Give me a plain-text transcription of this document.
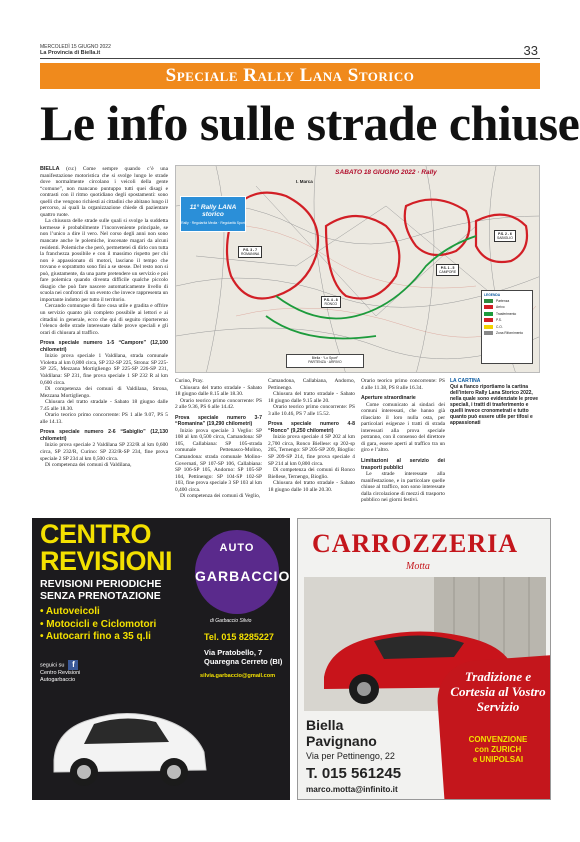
MERCOLEDÌ 15 GIUGNO 2022
La Provincia di Biella.it	33
Speciale Rally Lana Storico
Le info sulle strade chiuse

BIELLA (cu:) Come sempre quando c’è una manifestazione motoristica che si svolge lungo le strade dove normalmente circolano i veicoli della gente “comune”, non mancano puntuppo tutti quei disagi e contrasti con il ritmo quotidiano degli spostamenti: sono quelli che vengono richiesti ai cittadini che abitano lungo il percorso, ai quali la organizzazione chiede di pazientare quattro ruote.

La chiusura delle strade sulle quali si svolge la suddetta kermesse è probabilmente l’inconveniente principale, se non l’unico a dire il vero. Nel corso degli anni non sono mancate anche le polemiche, inscenate magari da alcuni residenti. Polemiche che però, permettetei di dirlo con tutta la franchezza possibile e con il massimo rispetto per chi non è appassionato di motori, lasciano il tempo che trovano e soprattutto sono fini a se stesse. Del resto non si può, giustamente, da una parte pretendere un servizio e poi fare polemica quando diventa difficile qualche piccolo disagio che può fare nascere automaticamente livello di scuola nei confronti di un evento che invece rappresenta un importante indotto per tutto il territorio.

Cercando comunque di fare cosa utile e gradita e offrire un servizio quanto più completo possibile ai lettori e ai cittadini in generale, ecco che qui di seguito riporteremo l’elenco delle strade interessate dalle prove speciali e gli orari di chiusura al traffico.

Prova speciale numero 1-5 “Campore” (12,100 chilometri)

Inizio prova speciale 1 Valdilana, strada comunale Violetta al km 0,800 circa, SP 232-SP 225, Strona: SP 225-SP 225, Mezzana Mortigliengo SP 225-SP 226-SP 231, Valdilana: SP 231, fine prova speciale 1 SP 232 R al km 0,600 circa.

Di competenza dei comuni di Valdilana, Strona, Mezzana Mortigliengo.

Chiusura del tratto stradale - Sabato 18 giugno dalle 7.45 alle 18.30.

Orario teorico primo concorrente: PS 1 alle 9.07, PS 5 alle 14.13.

Prova speciale numero 2-6 “Sabiglio” (12,130 chilometri)

Inizio prova speciale 2 Valdilana SP 232/R al km 0,600 circa, SP 232/R, Curino: SP 232/R-SP 234, fine prova speciale 2 SP 234 al km 0,500 circa.

Di competenza dei comuni di Valdilana,

Curino, Pray.

Chiusura del tratto stradale - Sabato 18 giugno dalle 8.15 alle 18.30.

Orario teorico primo concorrente: PS 2 alle 9.36, PS 6 alle 14.42.

Prova speciale numero 3-7 “Romanina” (19,290 chilometri)

Inizio prova speciale 3 Veglio: SP 108 al km 0,500 circa, Camandona: SP 105, Callabiana: SP 105-strada comunale Pettenasco-Molino, Camandona: strada comunale Molino-Governati, SP 107-SP 106, Callabiana: SP 106-SP 105, Andorno: SP 105-SP 104, Pettinengo: SP 104-SP 102-SP 103, fine prova speciale 3 SP 103 al km 0,400 circa.

Di competenza dei comuni di Veglio,

Camandona, Callabiana, Andorno, Pettinengo.

Chiusura del tratto stradale - Sabato 18 giugno dalle 9.15 alle 20.

Orario teorico primo concorrente: PS 3 alle 10.46, PS 7 alle 15.52.

Prova speciale numero 4-8 “Ronco” (9,250 chilometri)

Inizio prova speciale 4 SP 202 al km 2,700 circa, Ronco Biellese: sp 202-sp 205, Ternengo: SP 205-SP 209, Bioglio: SP 209-SP 214, fine prova speciale 4 SP 214 al km 0,800 circa.

Di competenza dei comuni di Ronco Biellese, Ternengo, Bioglio.

Chiusura del tratto stradale - Sabato 18 giugno dalle 10 alle 20.30.

Orario teorico primo concorrente: PS 4 alle 11.38, PS 8 alle 16.34.

Aperture straordinarie

Come comunicato ai sindaci dei comuni interessati, che hanno già rilasciato il loro nulla osta, per particolari esigenze i tratti di strada interessati alla prova speciale potranno, con il consenso del direttore di gara, essere aperti al traffico tra un giro e l’altro.

Limitazioni al servizio dei trasporti pubblici

Le strade interessate alla manifestazione, e in particolare quelle chiuse al traffico, non sono interessate dalla circolazione di mezzi di trasporto pubblico nei giorni festivi.

LA CARTINA
Qui a fianco riportiamo la cartina dell’intero Rally Lana Storico 2022, nella quale sono evidenziate le prove speciali, i tratti di trasferimento e quelli invece cronometrati e tutto quanto può essere utile per tifosi e appassionati
SABATO 18 GIUGNO 2022 · Rally
I. Marca
11° Rally LANA storico
Rally · Regolarità Media · Regolarità Sport
P.S. 3 - 7
ROMANINA
P.S. 4 - 8
RONCO
P.S. 1 - 5
CAMPORE
P.S. 2 - 6
SABIGLIO
LEGENDA
Partenza
Arrivo
Trasferimento
P.S.
C.O.
Zona Rifornimento
Biella · “Lo Sport”
PARTENZA · ARRIVO
CENTRO
REVISIONI
REVISIONI PERIODICHE
SENZA PRENOTAZIONE
• Autoveicoli
• Motocicli e Ciclomotori
• Autocarri fino a 35 q.li
AUTO
GARBACCIO
di Garbaccio Silvio
Tel. 015 8285227
Via Pratobello, 7
Quaregna Cerreto (BI)
silvia.garbaccio@gmail.com
seguici su f
Centro Revisioni
Autogarbaccio
CARROZZERIA
Motta
Tradizione e Cortesia al Vostro Servizio
CONVENZIONE
con ZURICH
e UNIPOLSAI
Biella
Pavignano
Via per Pettinengo, 22
T. 015 561245
marco.motta@infinito.it
